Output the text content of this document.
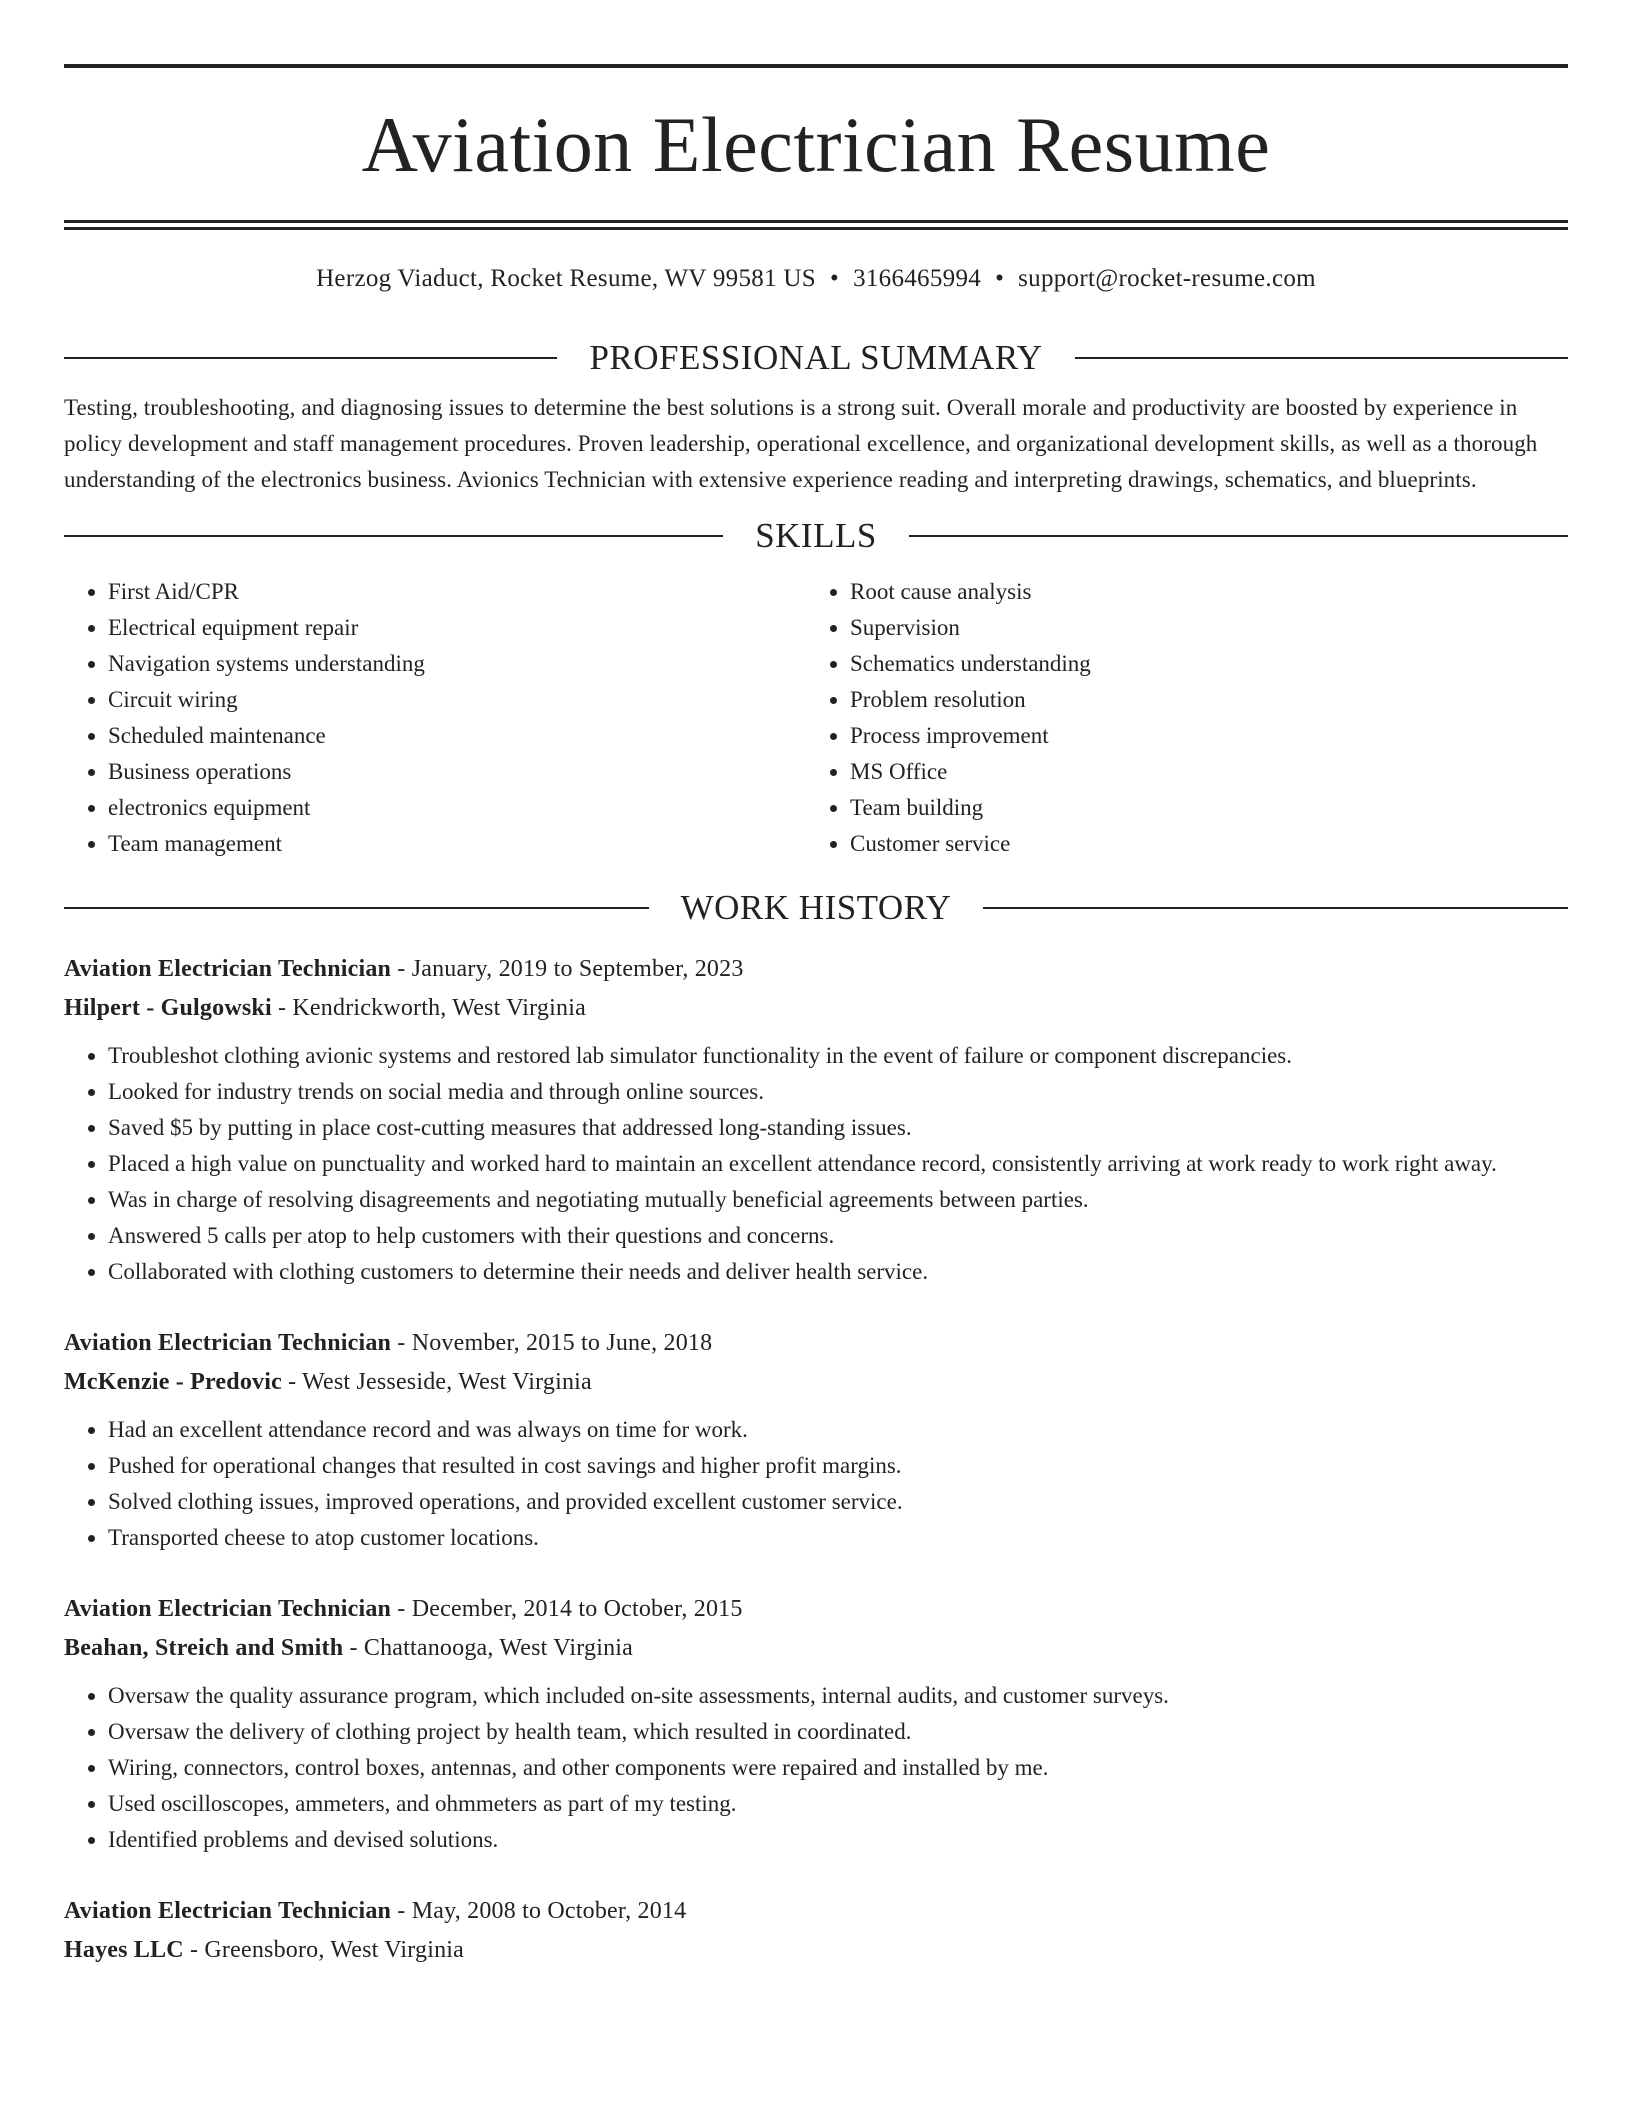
Aviation Electrician Resume
Herzog Viaduct, Rocket Resume, WV 99581 US • 3166465994 • support@rocket-resume.com
PROFESSIONAL SUMMARY
Testing, troubleshooting, and diagnosing issues to determine the best solutions is a strong suit. Overall morale and productivity are boosted by experience in policy development and staff management procedures. Proven leadership, operational excellence, and organizational development skills, as well as a thorough understanding of the electronics business. Avionics Technician with extensive experience reading and interpreting drawings, schematics, and blueprints.
SKILLS
• First Aid/CPR
• Electrical equipment repair
• Navigation systems understanding
• Circuit wiring
• Scheduled maintenance
• Business operations
• electronics equipment
• Team management
• Root cause analysis
• Supervision
• Schematics understanding
• Problem resolution
• Process improvement
• MS Office
• Team building
• Customer service
WORK HISTORY
Aviation Electrician Technician - January, 2019 to September, 2023
Hilpert - Gulgowski - Kendrickworth, West Virginia
• Troubleshot clothing avionic systems and restored lab simulator functionality in the event of failure or component discrepancies.
• Looked for industry trends on social media and through online sources.
• Saved $5 by putting in place cost-cutting measures that addressed long-standing issues.
• Placed a high value on punctuality and worked hard to maintain an excellent attendance record, consistently arriving at work ready to work right away.
• Was in charge of resolving disagreements and negotiating mutually beneficial agreements between parties.
• Answered 5 calls per atop to help customers with their questions and concerns.
• Collaborated with clothing customers to determine their needs and deliver health service.
Aviation Electrician Technician - November, 2015 to June, 2018
McKenzie - Predovic - West Jesseside, West Virginia
• Had an excellent attendance record and was always on time for work.
• Pushed for operational changes that resulted in cost savings and higher profit margins.
• Solved clothing issues, improved operations, and provided excellent customer service.
• Transported cheese to atop customer locations.
Aviation Electrician Technician - December, 2014 to October, 2015
Beahan, Streich and Smith - Chattanooga, West Virginia
• Oversaw the quality assurance program, which included on-site assessments, internal audits, and customer surveys.
• Oversaw the delivery of clothing project by health team, which resulted in coordinated.
• Wiring, connectors, control boxes, antennas, and other components were repaired and installed by me.
• Used oscilloscopes, ammeters, and ohmmeters as part of my testing.
• Identified problems and devised solutions.
Aviation Electrician Technician - May, 2008 to October, 2014
Hayes LLC - Greensboro, West Virginia
